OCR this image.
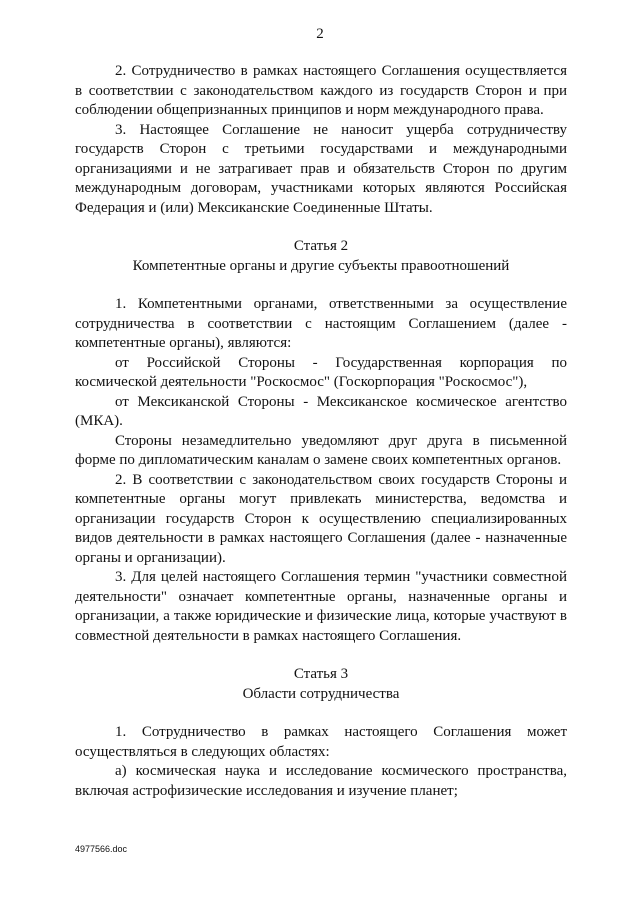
2

2. Сотрудничество в рамках настоящего Соглашения осуществляется в соответствии с законодательством каждого из государств Сторон и при соблюдении общепризнанных принципов и норм международного права.

3. Настоящее Соглашение не наносит ущерба сотрудничеству государств Сторон с третьими государствами и международными организациями и не затрагивает прав и обязательств Сторон по другим международным договорам, участниками которых являются Российская Федерация и (или) Мексиканские Соединенные Штаты.

Статья 2

Компетентные органы и другие субъекты правоотношений

1. Компетентными органами, ответственными за осуществление сотрудничества в соответствии с настоящим Соглашением (далее - компетентные органы), являются:

от Российской Стороны - Государственная корпорация по космической деятельности "Роскосмос" (Госкорпорация "Роскосмос"),

от Мексиканской Стороны - Мексиканское космическое агентство (МКА).

Стороны незамедлительно уведомляют друг друга в письменной форме по дипломатическим каналам о замене своих компетентных органов.

2. В соответствии с законодательством своих государств Стороны и компетентные органы могут привлекать министерства, ведомства и организации государств Сторон к осуществлению специализированных видов деятельности в рамках настоящего Соглашения (далее - назначенные органы и организации).

3. Для целей настоящего Соглашения термин "участники совместной деятельности" означает компетентные органы, назначенные органы и организации, а также юридические и физические лица, которые участвуют в совместной деятельности в рамках настоящего Соглашения.

Статья 3

Области сотрудничества

1. Сотрудничество в рамках настоящего Соглашения может осуществляться в следующих областях:

а) космическая наука и исследование космического пространства, включая астрофизические исследования и изучение планет;

4977566.doc
